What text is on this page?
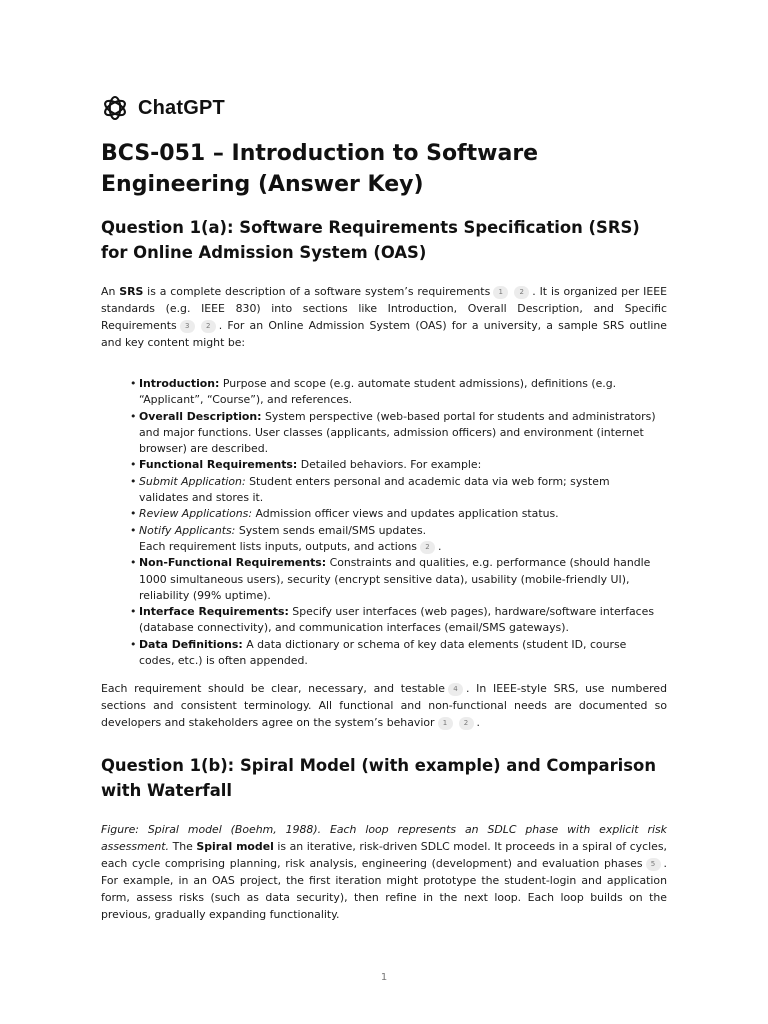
ChatGPT
BCS-051 – Introduction to Software Engineering (Answer Key)
Question 1(a): Software Requirements Specification (SRS) for Online Admission System (OAS)

An SRS is a complete description of a software system’s requirements 1 2 . It is organized per IEEE standards (e.g. IEEE 830) into sections like Introduction, Overall Description, and Specific Requirements 3 2 . For an Online Admission System (OAS) for a university, a sample SRS outline and key content might be:

• Introduction: Purpose and scope (e.g. automate student admissions), definitions (e.g. “Applicant”, “Course”), and references.
• Overall Description: System perspective (web-based portal for students and administrators) and major functions. User classes (applicants, admission officers) and environment (internet browser) are described.
• Functional Requirements: Detailed behaviors. For example:
• Submit Application: Student enters personal and academic data via web form; system validates and stores it.
• Review Applications: Admission officer views and updates application status.
• Notify Applicants: System sends email/SMS updates.
Each requirement lists inputs, outputs, and actions 2 .
• Non-Functional Requirements: Constraints and qualities, e.g. performance (should handle 1000 simultaneous users), security (encrypt sensitive data), usability (mobile-friendly UI), reliability (99% uptime).
• Interface Requirements: Specify user interfaces (web pages), hardware/software interfaces (database connectivity), and communication interfaces (email/SMS gateways).
• Data Definitions: A data dictionary or schema of key data elements (student ID, course codes, etc.) is often appended.

Each requirement should be clear, necessary, and testable 4 . In IEEE-style SRS, use numbered sections and consistent terminology. All functional and non-functional needs are documented so developers and stakeholders agree on the system’s behavior 1 2 .

Question 1(b): Spiral Model (with example) and Comparison with Waterfall

Figure: Spiral model (Boehm, 1988). Each loop represents an SDLC phase with explicit risk assessment. The Spiral model is an iterative, risk-driven SDLC model. It proceeds in a spiral of cycles, each cycle comprising planning, risk analysis, engineering (development) and evaluation phases 5 . For example, in an OAS project, the first iteration might prototype the student-login and application form, assess risks (such as data security), then refine in the next loop. Each loop builds on the previous, gradually expanding functionality.

1
